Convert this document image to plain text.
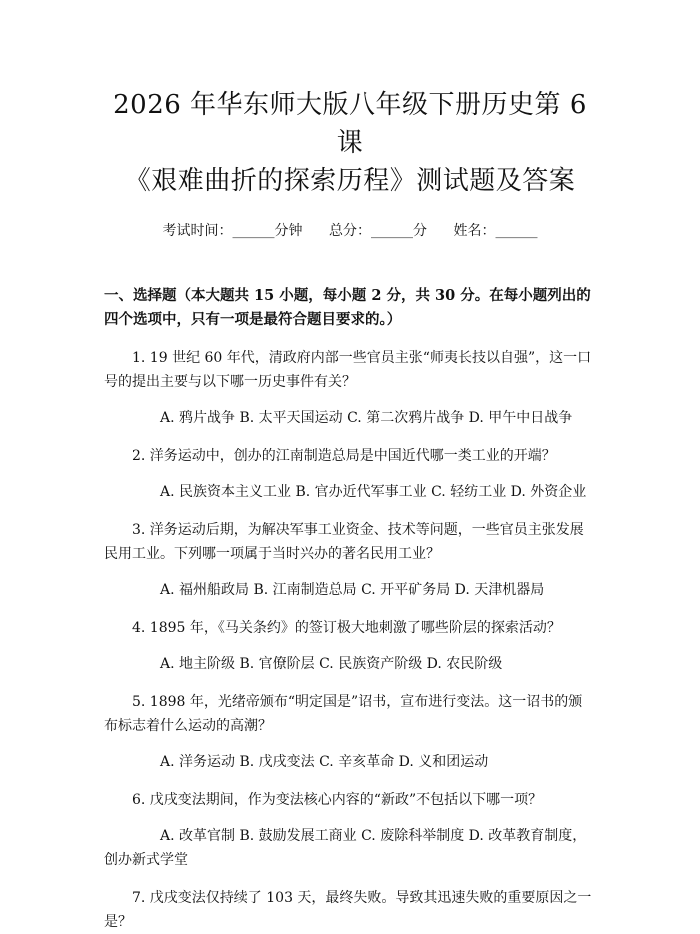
2026 年华东师大版八年级下册历史第 6 课
《艰难曲折的探索历程》测试题及答案
考试时间：______分钟 总分：______分 姓名：______
一、选择题（本大题共 15 小题，每小题 2 分，共 30 分。在每小题列出的四个选项中，只有一项是最符合题目要求的。）
1. 19 世纪 60 年代，清政府内部一些官员主张“师夷长技以自强”，这一口号的提出主要与以下哪一历史事件有关？
A. 鸦片战争 B. 太平天国运动 C. 第二次鸦片战争 D. 甲午中日战争
2. 洋务运动中，创办的江南制造总局是中国近代哪一类工业的开端？
A. 民族资本主义工业 B. 官办近代军事工业 C. 轻纺工业 D. 外资企业
3. 洋务运动后期，为解决军事工业资金、技术等问题，一些官员主张发展民用工业。下列哪一项属于当时兴办的著名民用工业？
A. 福州船政局 B. 江南制造总局 C. 开平矿务局 D. 天津机器局
4. 1895 年，《马关条约》的签订极大地刺激了哪些阶层的探索活动？
A. 地主阶级 B. 官僚阶层 C. 民族资产阶级 D. 农民阶级
5. 1898 年，光绪帝颁布“明定国是”诏书，宣布进行变法。这一诏书的颁布标志着什么运动的高潮？
A. 洋务运动 B. 戊戌变法 C. 辛亥革命 D. 义和团运动
6. 戊戌变法期间，作为变法核心内容的“新政”不包括以下哪一项？
A. 改革官制 B. 鼓励发展工商业 C. 废除科举制度 D. 改革教育制度，创办新式学堂
7. 戊戌变法仅持续了 103 天，最终失败。导致其迅速失败的重要原因之一是？
